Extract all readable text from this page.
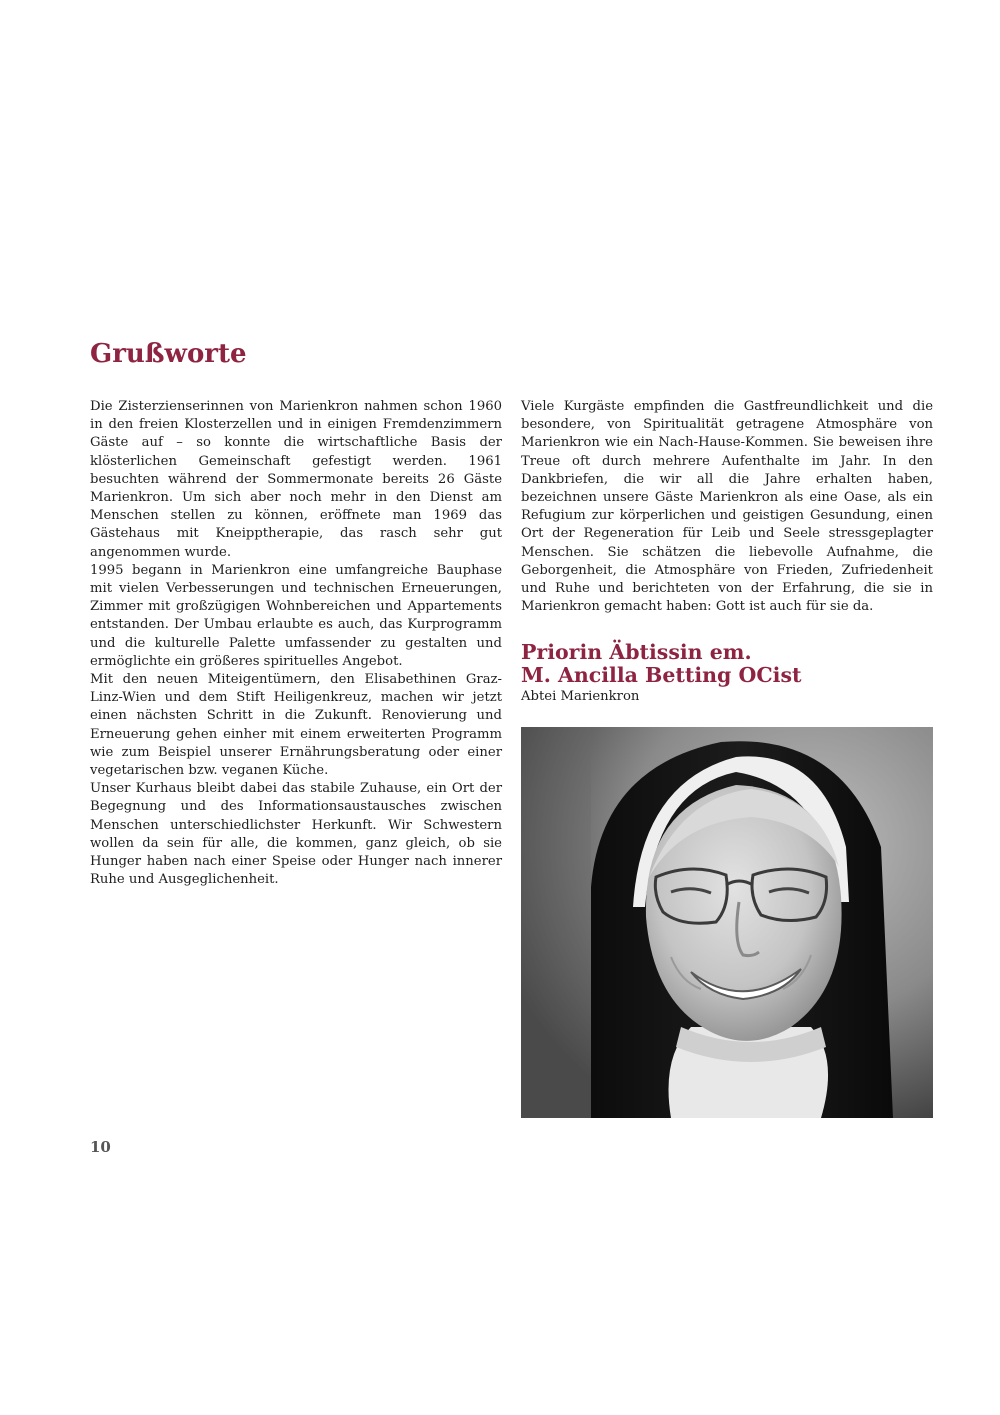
Grußworte

Die Zisterzienserinnen von Marienkron nahmen schon 1960 in den freien Klosterzellen und in einigen Fremdenzimmern Gäste auf – so konnte die wirtschaftliche Basis der klösterlichen Gemeinschaft gefestigt werden. 1961 besuchten während der Sommermonate bereits 26 Gäste Marienkron. Um sich aber noch mehr in den Dienst am Menschen stellen zu können, eröffnete man 1969 das Gästehaus mit Kneipptherapie, das rasch sehr gut angenommen wurde.

1995 begann in Marienkron eine umfangreiche Bauphase mit vielen Verbesserungen und technischen Erneuerungen, Zimmer mit großzügigen Wohnbereichen und Appartements entstanden. Der Umbau erlaubte es auch, das Kurprogramm und die kulturelle Palette umfassender zu gestalten und ermöglichte ein größeres spirituelles Angebot.

Mit den neuen Miteigentümern, den Elisabethinen Graz-Linz-Wien und dem Stift Heiligenkreuz, machen wir jetzt einen nächsten Schritt in die Zukunft. Renovierung und Erneuerung gehen einher mit einem erweiterten Programm wie zum Beispiel unserer Ernährungsberatung oder einer vegetarischen bzw. veganen Küche.

Unser Kurhaus bleibt dabei das stabile Zuhause, ein Ort der Begegnung und des Informationsaustausches zwischen Menschen unterschiedlichster Herkunft. Wir Schwestern wollen da sein für alle, die kommen, ganz gleich, ob sie Hunger haben nach einer Speise oder Hunger nach innerer Ruhe und Ausgeglichenheit.

Viele Kurgäste empfinden die Gastfreundlichkeit und die besondere, von Spiritualität getragene Atmosphäre von Marienkron wie ein Nach-Hause-Kommen. Sie beweisen ihre Treue oft durch mehrere Aufenthalte im Jahr. In den Dankbriefen, die wir all die Jahre erhalten haben, bezeichnen unsere Gäste Marienkron als eine Oase, als ein Refugium zur körperlichen und geistigen Gesundung, einen Ort der Regeneration für Leib und Seele stressgeplagter Menschen. Sie schätzen die liebevolle Aufnahme, die Geborgenheit, die Atmosphäre von Frieden, Zufriedenheit und Ruhe und berichteten von der Erfahrung, die sie in Marienkron gemacht haben: Gott ist auch für sie da.

Priorin Äbtissin em.

M. Ancilla Betting OCist

Abtei Marienkron

10
